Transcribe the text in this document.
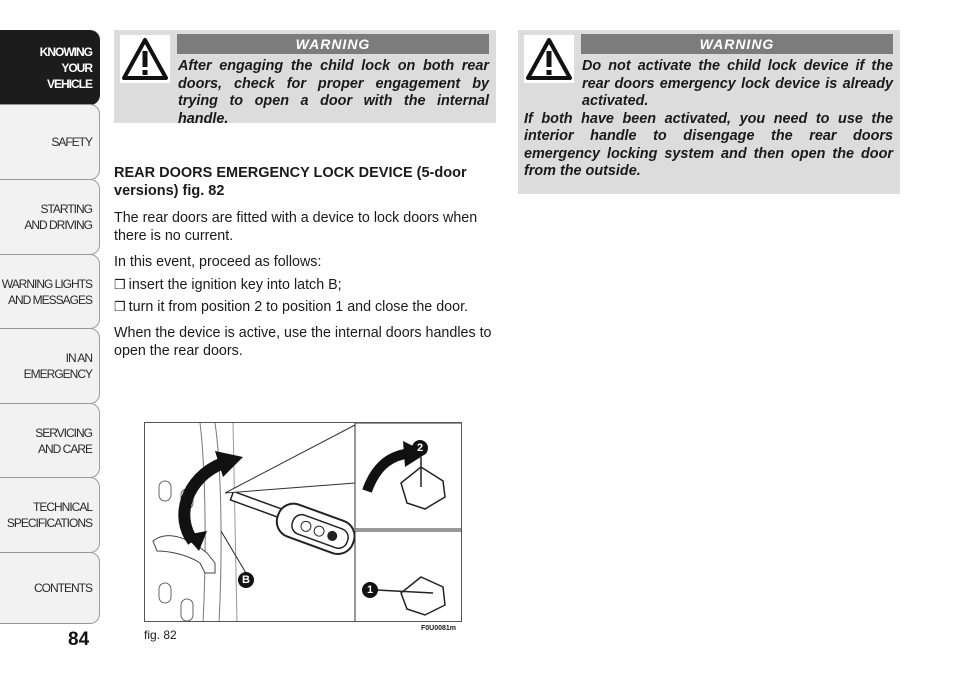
KNOWING
YOUR
VEHICLE
SAFETY
STARTING
AND DRIVING
WARNING LIGHTS
AND MESSAGES
IN AN
EMERGENCY
SERVICING
AND CARE
TECHNICAL
SPECIFICATIONS
CONTENTS
84
WARNING

After engaging the child lock on both rear doors, check for proper engagement by trying to open a door with the internal handle.

WARNING

Do not activate the child lock device if the rear doors emergency lock device is already activated.

If both have been activated, you need to use the interior handle to disengage the rear doors emergency locking system and then open the door from the outside.

REAR DOORS EMERGENCY LOCK DEVICE (5-door versions) fig. 82
The rear doors are fitted with a device to lock doors when there is no current.
In this event, proceed as follows:
❒ insert the ignition key into latch B;
❒ turn it from position 2 to position 1 and close the door.
When the device is active, use the internal doors handles to open the rear doors.
2
1
B
fig. 82	F0U0081m
